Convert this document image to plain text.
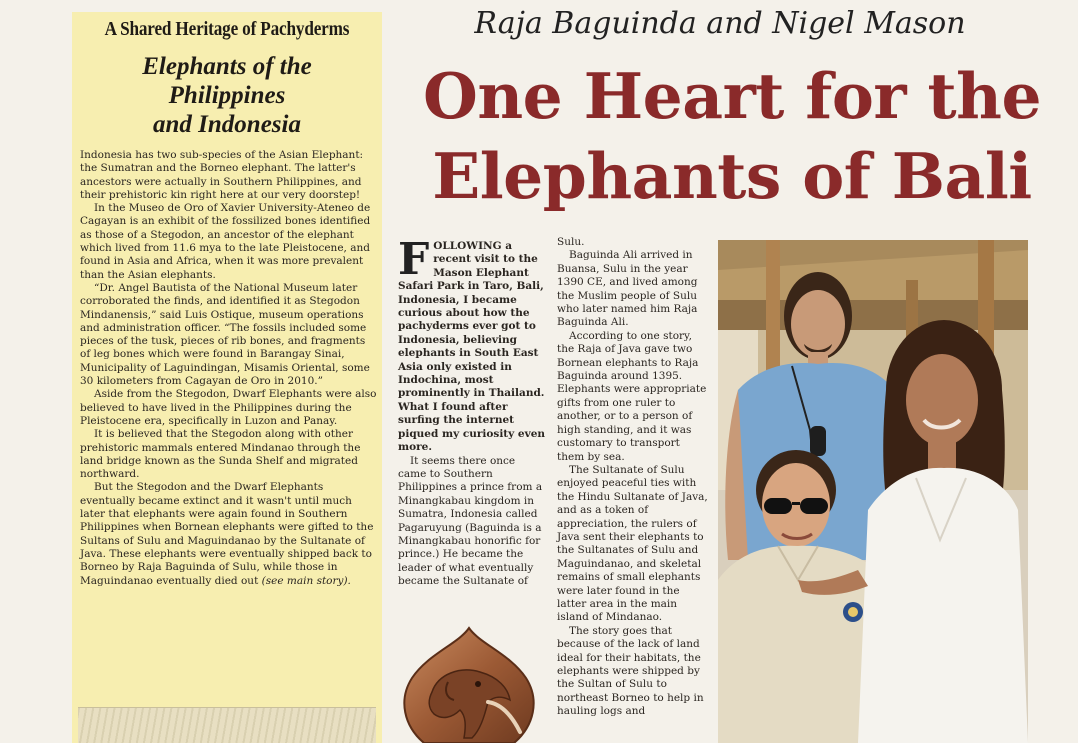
A Shared Heritage of Pachyderms
Elephants of the
Philippines
and Indonesia

Indonesia has two sub-species of the Asian Elephant: the Sumatran and the Borneo elephant. The latter's ancestors were actually in Southern Philippines, and their prehistoric kin right here at our very doorstep!

In the Museo de Oro of Xavier University-Ateneo de Cagayan is an exhibit of the fossilized bones identified as those of a Stegodon, an ancestor of the elephant which lived from 11.6 mya to the late Pleistocene, and found in Asia and Africa, when it was more prevalent than the Asian elephants.

“Dr. Angel Bautista of the National Museum later corroborated the finds, and identified it as Stegodon Mindanensis,” said Luis Ostique, museum operations and administration officer. “The fossils included some pieces of the tusk, pieces of rib bones, and fragments of leg bones which were found in Barangay Sinai, Municipality of Laguindingan, Misamis Oriental, some 30 kilometers from Cagayan de Oro in 2010.”

Aside from the Stegodon, Dwarf Elephants were also believed to have lived in the Philippines during the Pleistocene era, specifically in Luzon and Panay.

It is believed that the Stegodon along with other prehistoric mammals entered Mindanao through the land bridge known as the Sunda Shelf and migrated northward.

But the Stegodon and the Dwarf Elephants eventually became extinct and it wasn't until much later that elephants were again found in Southern Philippines when Bornean elephants were gifted to the Sultans of Sulu and Maguindanao by the Sultanate of Java. These elephants were eventually shipped back to Borneo by Raja Baguinda of Sulu, while those in Maguindanao eventually died out (see main story).

Raja Baguinda and Nigel Mason
One Heart for the
Elephants of Bali

FOLLOWING a recent visit to the Mason Elephant Safari Park in Taro, Bali, Indonesia, I became curious about how the pachyderms ever got to Indonesia, believing elephants in South East Asia only existed in Indochina, most prominently in Thailand. What I found after surfing the internet piqued my curiosity even more.

It seems there once came to Southern Philippines a prince from a Minangkabau kingdom in Sumatra, Indonesia called Pagaruyung (Baguinda is a Minangkabau honorific for prince.) He became the leader of what eventually became the Sultanate of

Sulu.

Baguinda Ali arrived in Buansa, Sulu in the year 1390 CE, and lived among the Muslim people of Sulu who later named him Raja Baguinda Ali.

According to one story, the Raja of Java gave two Bornean elephants to Raja Baguinda around 1395. Elephants were appropriate gifts from one ruler to another, or to a person of high standing, and it was customary to transport them by sea.

The Sultanate of Sulu enjoyed peaceful ties with the Hindu Sultanate of Java, and as a token of appreciation, the rulers of Java sent their elephants to the Sultanates of Sulu and Maguindanao, and skeletal remains of small elephants were later found in the latter area in the main island of Mindanao.

The story goes that because of the lack of land ideal for their habitats, the elephants were shipped by the Sultan of Sulu to northeast Borneo to help in hauling logs and
